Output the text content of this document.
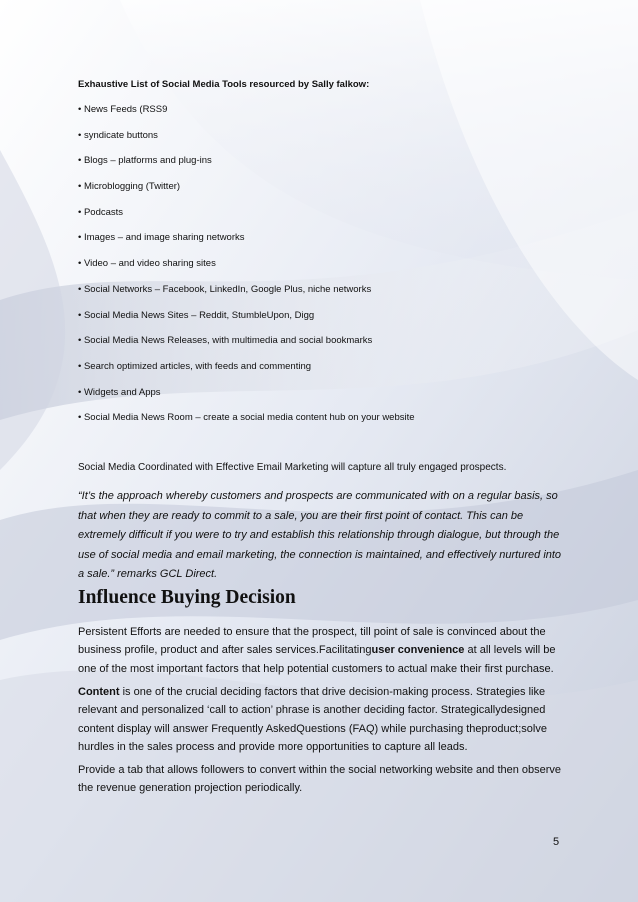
Exhaustive List of Social Media Tools resourced by Sally falkow:
• News Feeds (RSS9
• syndicate buttons
• Blogs – platforms and plug-ins
• Microblogging (Twitter)
• Podcasts
• Images – and image sharing networks
• Video – and video sharing sites
• Social Networks – Facebook, LinkedIn, Google Plus, niche networks
• Social Media News Sites – Reddit, StumbleUpon, Digg
• Social Media News Releases, with multimedia and social bookmarks
• Search optimized articles, with feeds and commenting
• Widgets and Apps
• Social Media News Room – create a social media content hub on your website
Social Media Coordinated with Effective Email Marketing will capture all truly engaged prospects.

“It’s the approach whereby customers and prospects are communicated with on a regular basis, so that when they are ready to commit to a sale, you are their first point of contact. This can be extremely difficult if you were to try and establish this relationship through dialogue, but through the use of social media and email marketing, the connection is maintained, and effectively nurtured into a sale.” remarks GCL Direct.

Influence Buying Decision

Persistent Efforts are needed to ensure that the prospect, till point of sale is convinced about the business profile, product and after sales services.Facilitatinguser convenience at all levels will be one of the most important factors that help potential customers to actual make their first purchase.

Content is one of the crucial deciding factors that drive decision-making process. Strategies like relevant and personalized ‘call to action’ phrase is another deciding factor. Strategicallydesigned content display will answer Frequently AskedQuestions (FAQ) while purchasing theproduct;solve hurdles in the sales process and provide more opportunities to capture all leads.

Provide a tab that allows followers to convert within the social networking website and then observe the revenue generation projection periodically.

5
